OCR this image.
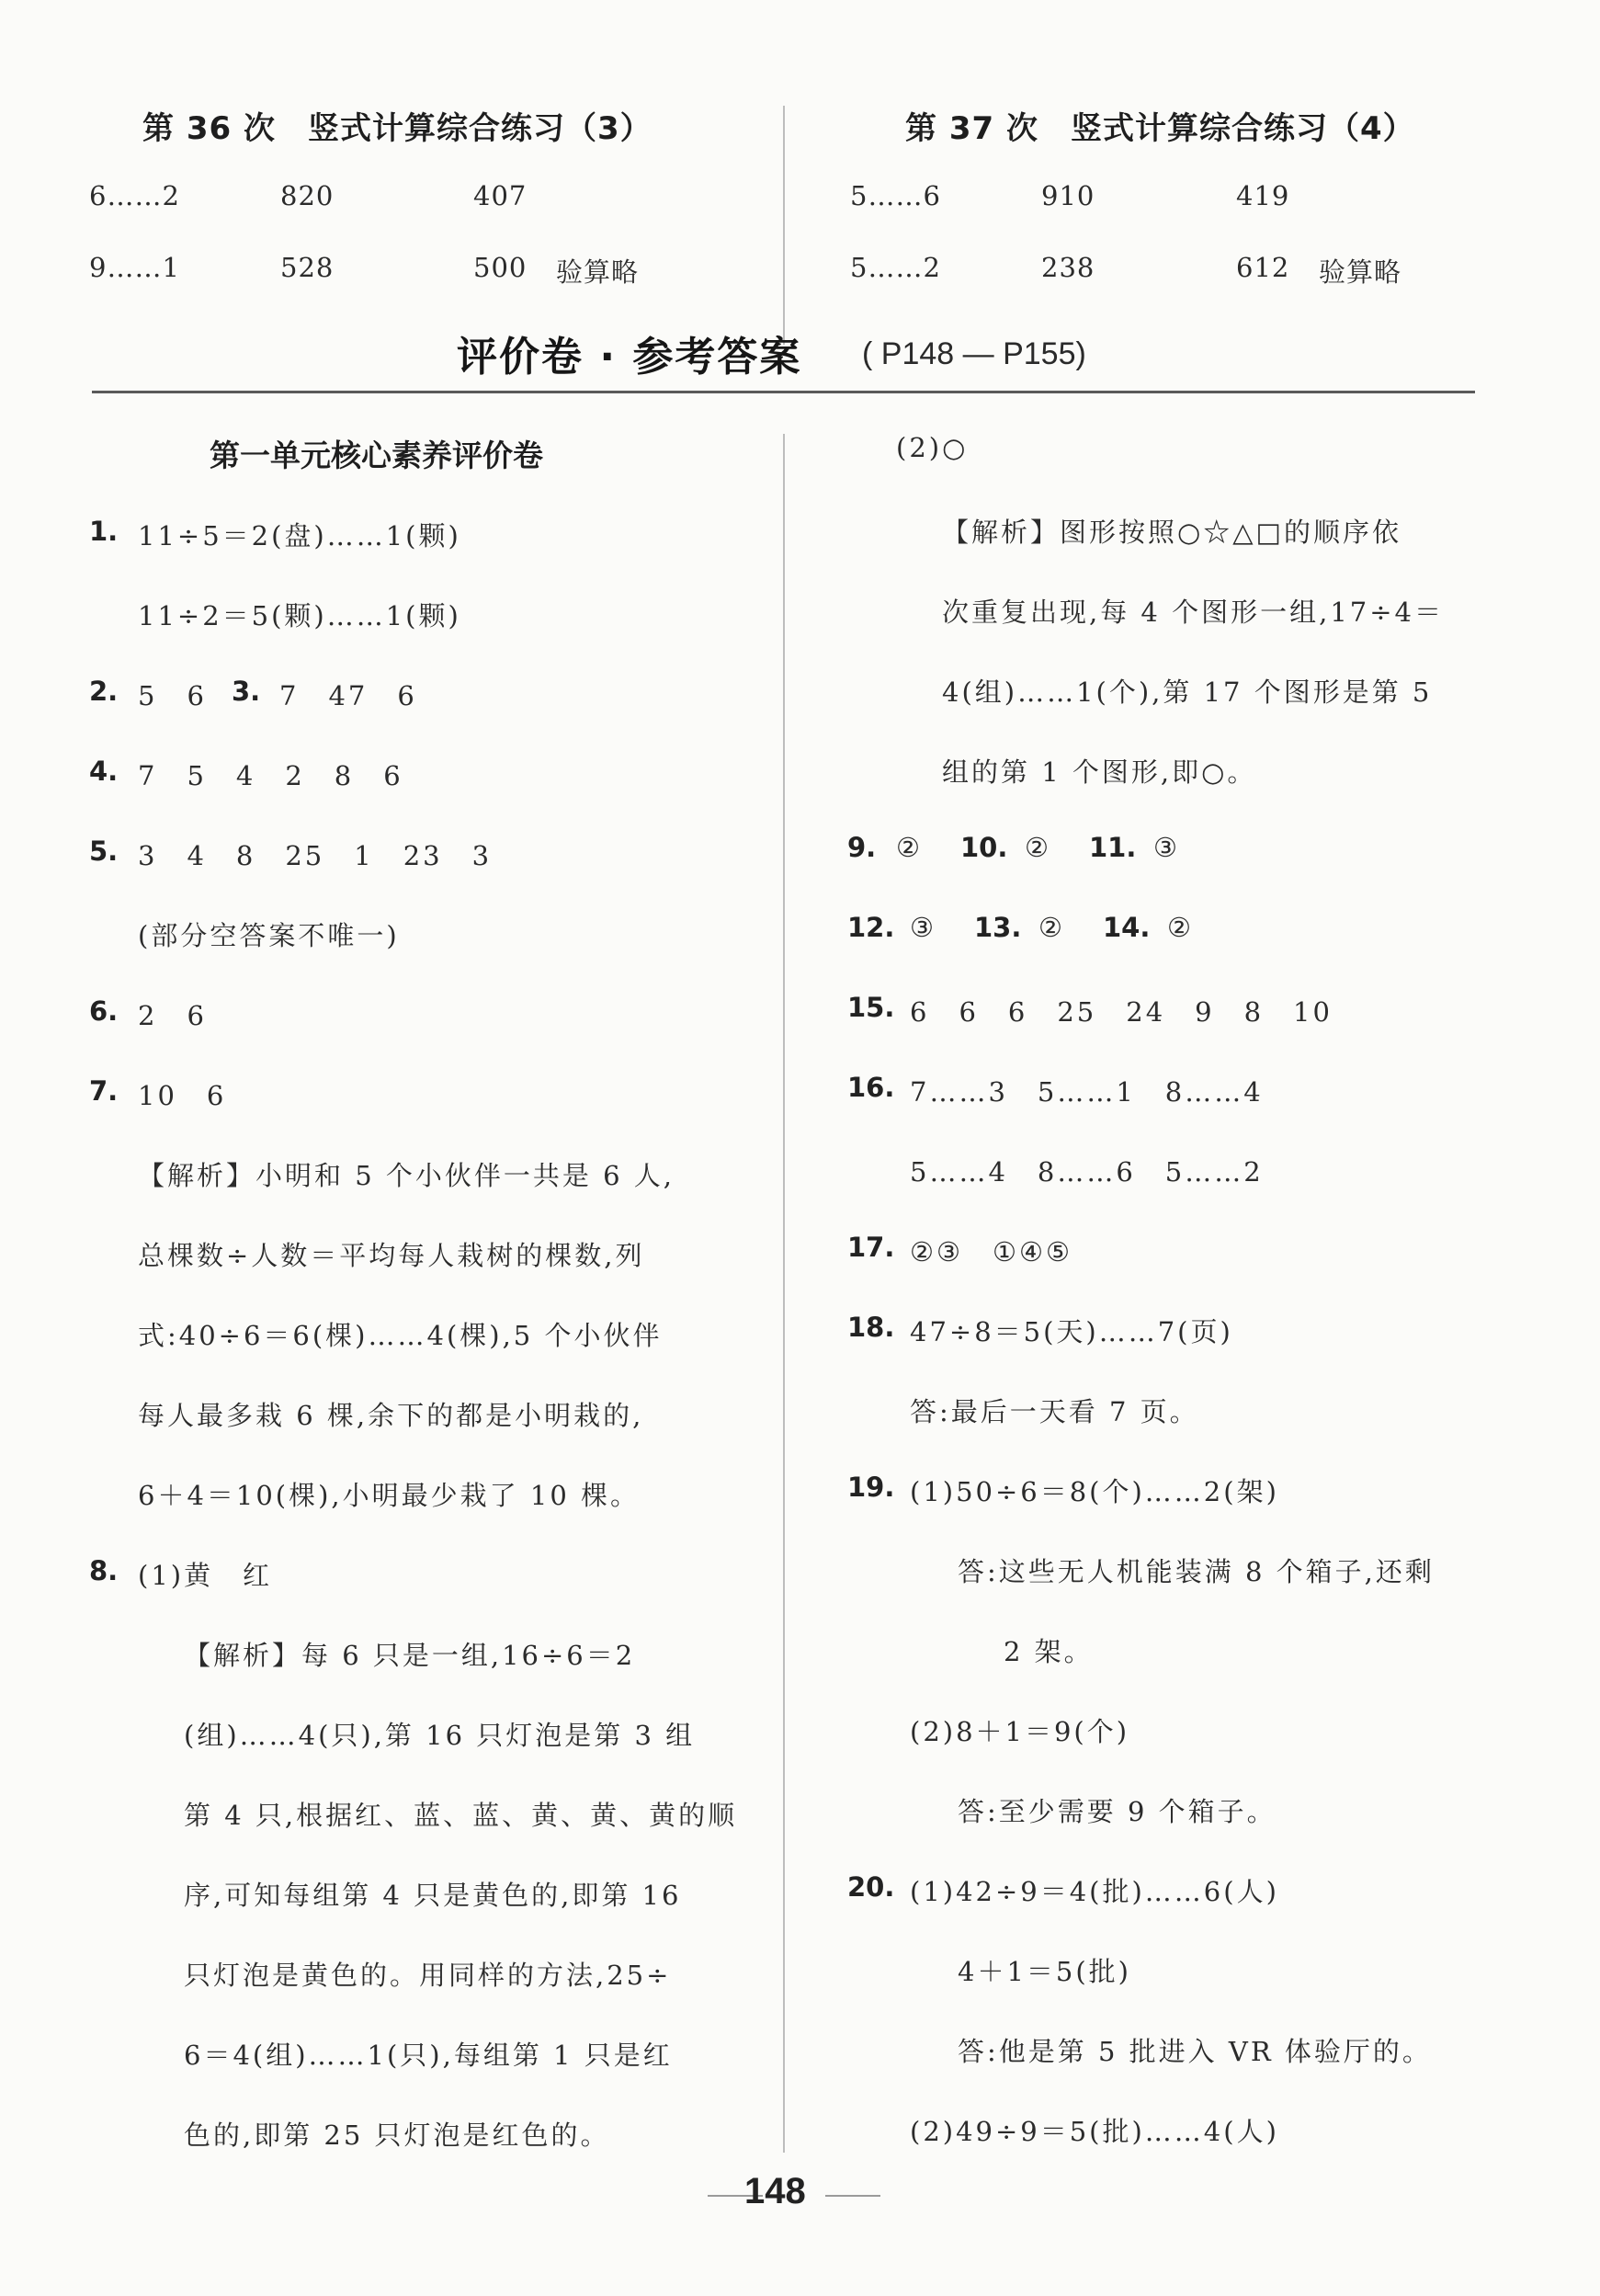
第 36 次　竖式计算综合练习（3）
6……2	820	407
9……1	528	500 验算略
第 37 次　竖式计算综合练习（4）
5……6	910	419
5……2	238	612 验算略
评价卷 · 参考答案 ( P148 — P155)
第一单元核心素养评价卷
1. 11÷5＝2(盘)……1(颗)
11÷2＝5(颗)……1(颗)
2. 5　6 3. 7　47　6
4. 7　5　4　2　8　6
5. 3　4　8　25　1　23　3
(部分空答案不唯一)
6. 2　6
7. 10　6
【解析】小明和 5 个小伙伴一共是 6 人,
总棵数÷人数＝平均每人栽树的棵数,列
式:40÷6＝6(棵)……4(棵),5 个小伙伴
每人最多栽 6 棵,余下的都是小明栽的,
6＋4＝10(棵),小明最少栽了 10 棵。
8. (1)黄　红
【解析】每 6 只是一组,16÷6＝2
(组)……4(只),第 16 只灯泡是第 3 组
第 4 只,根据红、蓝、蓝、黄、黄、黄的顺
序,可知每组第 4 只是黄色的,即第 16
只灯泡是黄色的。用同样的方法,25÷
6＝4(组)……1(只),每组第 1 只是红
色的,即第 25 只灯泡是红色的。
(2)○
【解析】图形按照○☆△□的顺序依
次重复出现,每 4 个图形一组,17÷4＝
4(组)……1(个),第 17 个图形是第 5
组的第 1 个图形,即○。
9. ② 10. ② 11. ③
12. ③ 13. ② 14. ②
15. 6　6　6　25　24　9　8　10
16. 7……3　5……1　8……4
5……4　8……6　5……2
17. ②③　①④⑤
18. 47÷8＝5(天)……7(页)
答:最后一天看 7 页。
19. (1)50÷6＝8(个)……2(架)
答:这些无人机能装满 8 个箱子,还剩
2 架。
(2)8＋1＝9(个)
答:至少需要 9 个箱子。
20. (1)42÷9＝4(批)……6(人)
4＋1＝5(批)
答:他是第 5 批进入 VR 体验厅的。
(2)49÷9＝5(批)……4(人)
148
